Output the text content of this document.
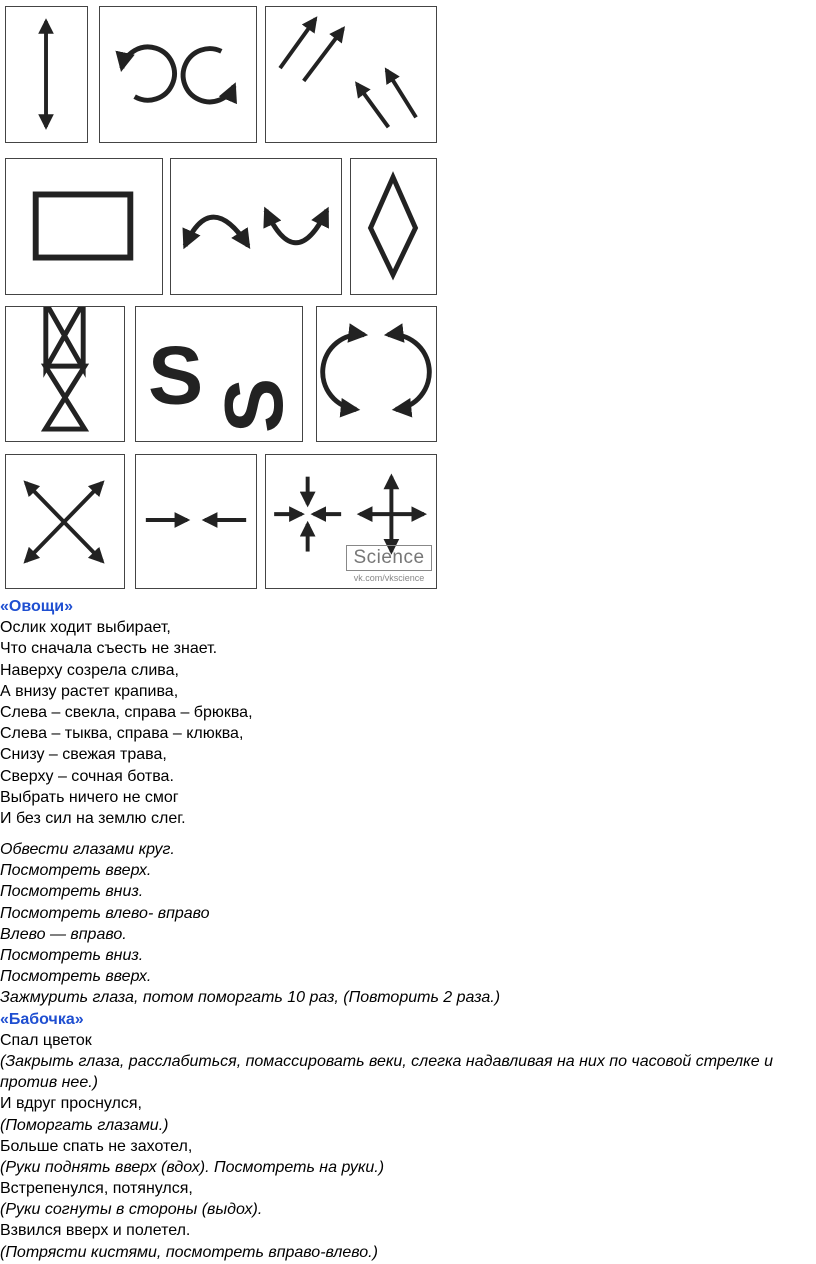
S S
Science
vk.com/vkscience

«Овощи»

Ослик ходит выбирает,

Что сначала съесть не знает.

Наверху созрела слива,

А внизу растет крапива,

Слева – свекла, справа – брюква,

Слева – тыква, справа – клюква,

Снизу – свежая трава,

Сверху – сочная ботва.

Выбрать ничего не смог

И без сил на землю слег.

Обвести глазами круг.

Посмотреть вверх.

Посмотреть вниз.

Посмотреть влево- вправо

Влево — вправо.

Посмотреть вниз.

Посмотреть вверх.

Зажмурить глаза, потом поморгать 10 раз, (Повторить 2 раза.)

«Бабочка»

Спал цветок

(Закрыть глаза, расслабиться, помассировать веки, слегка надавливая на них по часовой стрелке и против нее.)

И вдруг проснулся,

(Поморгать глазами.)

Больше спать не захотел,

(Руки поднять вверх (вдох). Посмотреть на руки.)

Встрепенулся, потянулся,

(Руки согнуты в стороны (выдох).

Взвился вверх и полетел.

(Потрясти кистями, посмотреть вправо-влево.)
